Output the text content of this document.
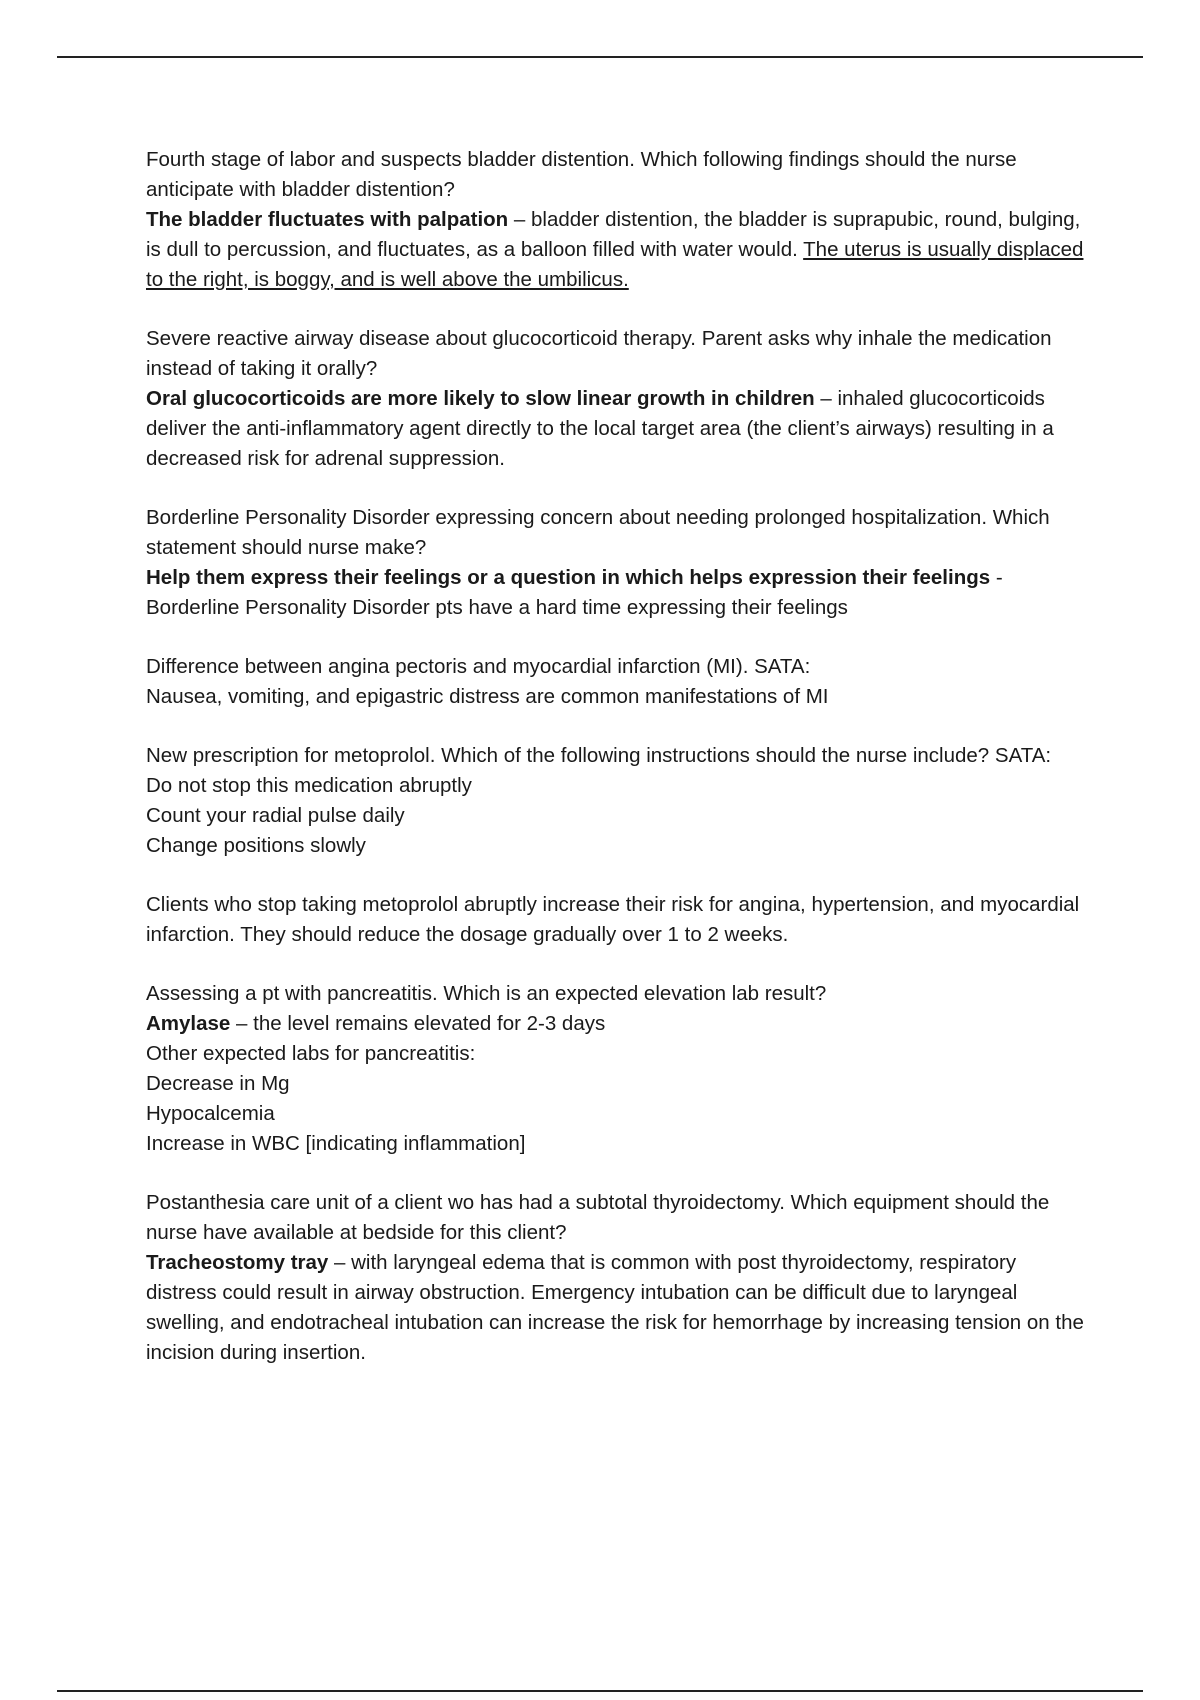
Fourth stage of labor and suspects bladder distention. Which following findings should the nurse anticipate with bladder distention?
The bladder fluctuates with palpation – bladder distention, the bladder is suprapubic, round, bulging, is dull to percussion, and fluctuates, as a balloon filled with water would. The uterus is usually displaced to the right, is boggy, and is well above the umbilicus.
Severe reactive airway disease about glucocorticoid therapy. Parent asks why inhale the medication instead of taking it orally?
Oral glucocorticoids are more likely to slow linear growth in children – inhaled glucocorticoids deliver the anti-inflammatory agent directly to the local target area (the client’s airways) resulting in a decreased risk for adrenal suppression.
Borderline Personality Disorder expressing concern about needing prolonged hospitalization. Which statement should nurse make?
Help them express their feelings or a question in which helps expression their feelings - Borderline Personality Disorder pts have a hard time expressing their feelings
Difference between angina pectoris and myocardial infarction (MI). SATA:
Nausea, vomiting, and epigastric distress are common manifestations of MI
New prescription for metoprolol. Which of the following instructions should the nurse include? SATA:
Do not stop this medication abruptly
Count your radial pulse daily
Change positions slowly
Clients who stop taking metoprolol abruptly increase their risk for angina, hypertension, and myocardial infarction. They should reduce the dosage gradually over 1 to 2 weeks.
Assessing a pt with pancreatitis. Which is an expected elevation lab result?
Amylase – the level remains elevated for 2-3 days
Other expected labs for pancreatitis:
Decrease in Mg
Hypocalcemia
Increase in WBC [indicating inflammation]
Postanthesia care unit of a client wo has had a subtotal thyroidectomy. Which equipment should the nurse have available at bedside for this client?
Tracheostomy tray – with laryngeal edema that is common with post thyroidectomy, respiratory distress could result in airway obstruction. Emergency intubation can be difficult due to laryngeal swelling, and endotracheal intubation can increase the risk for hemorrhage by increasing tension on the incision during insertion.
